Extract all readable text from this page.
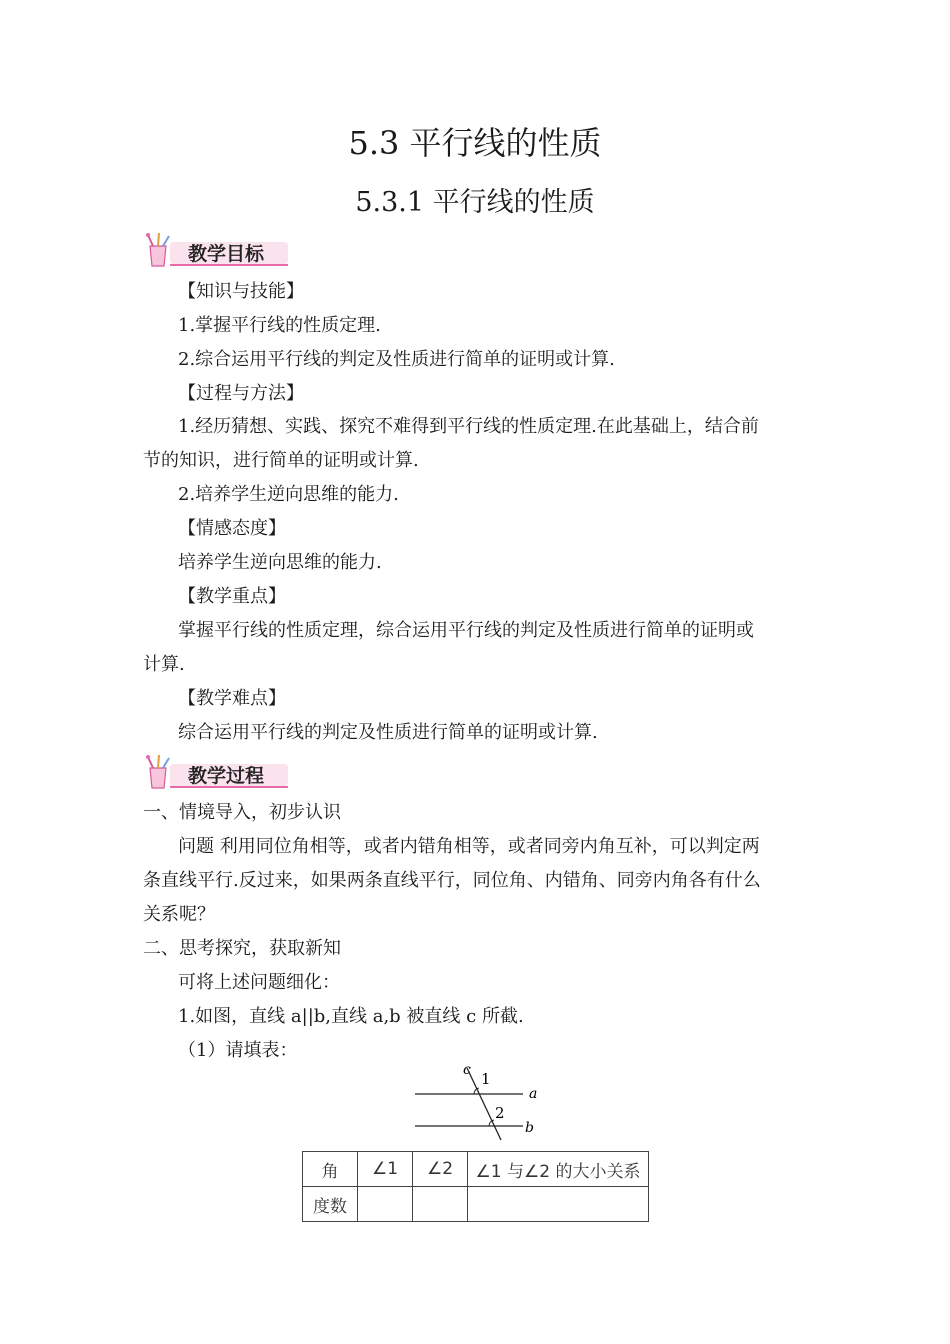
5.3 平行线的性质
5.3.1 平行线的性质
教学目标
【知识与技能】
1.掌握平行线的性质定理.
2.综合运用平行线的判定及性质进行简单的证明或计算.
【过程与方法】
1.经历猜想、实践、探究不难得到平行线的性质定理.在此基础上，结合前
节的知识，进行简单的证明或计算.
2.培养学生逆向思维的能力.
【情感态度】
培养学生逆向思维的能力.
【教学重点】
掌握平行线的性质定理，综合运用平行线的判定及性质进行简单的证明或
计算.
【教学难点】
综合运用平行线的判定及性质进行简单的证明或计算.
教学过程
一、情境导入，初步认识
问题 利用同位角相等，或者内错角相等，或者同旁内角互补，可以判定两
条直线平行.反过来，如果两条直线平行，同位角、内错角、同旁内角各有什么
关系呢？
二、思考探究，获取新知
可将上述问题细化：
1.如图，直线 a||b,直线 a,b 被直线 c 所截.
（1）请填表：
c 1
2
a
b
角	∠1	∠2	∠1 与∠2 的大小关系
度数			
